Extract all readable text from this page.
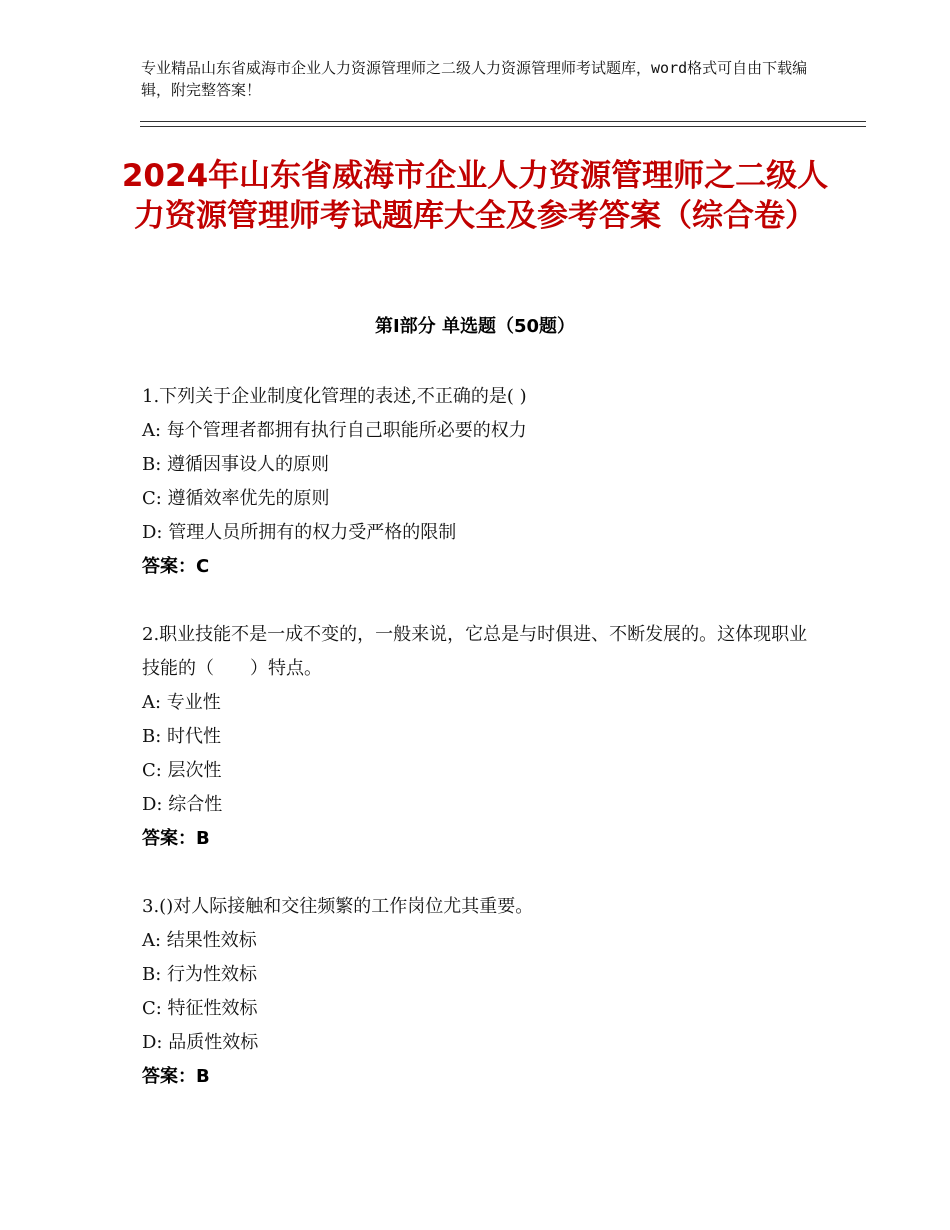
专业精品山东省威海市企业人力资源管理师之二级人力资源管理师考试题库，word格式可自由下载编辑，附完整答案！
2024年山东省威海市企业人力资源管理师之二级人力资源管理师考试题库大全及参考答案（综合卷）
第Ⅰ部分 单选题（50题）
1.下列关于企业制度化管理的表述,不正确的是( )
A: 每个管理者都拥有执行自己职能所必要的权力
B: 遵循因事设人的原则
C: 遵循效率优先的原则
D: 管理人员所拥有的权力受严格的限制
答案：C
2.职业技能不是一成不变的，一般来说，它总是与时俱进、不断发展的。这体现职业技能的（　　）特点。
A: 专业性
B: 时代性
C: 层次性
D: 综合性
答案：B
3.()对人际接触和交往频繁的工作岗位尤其重要。
A: 结果性效标
B: 行为性效标
C: 特征性效标
D: 品质性效标
答案：B
